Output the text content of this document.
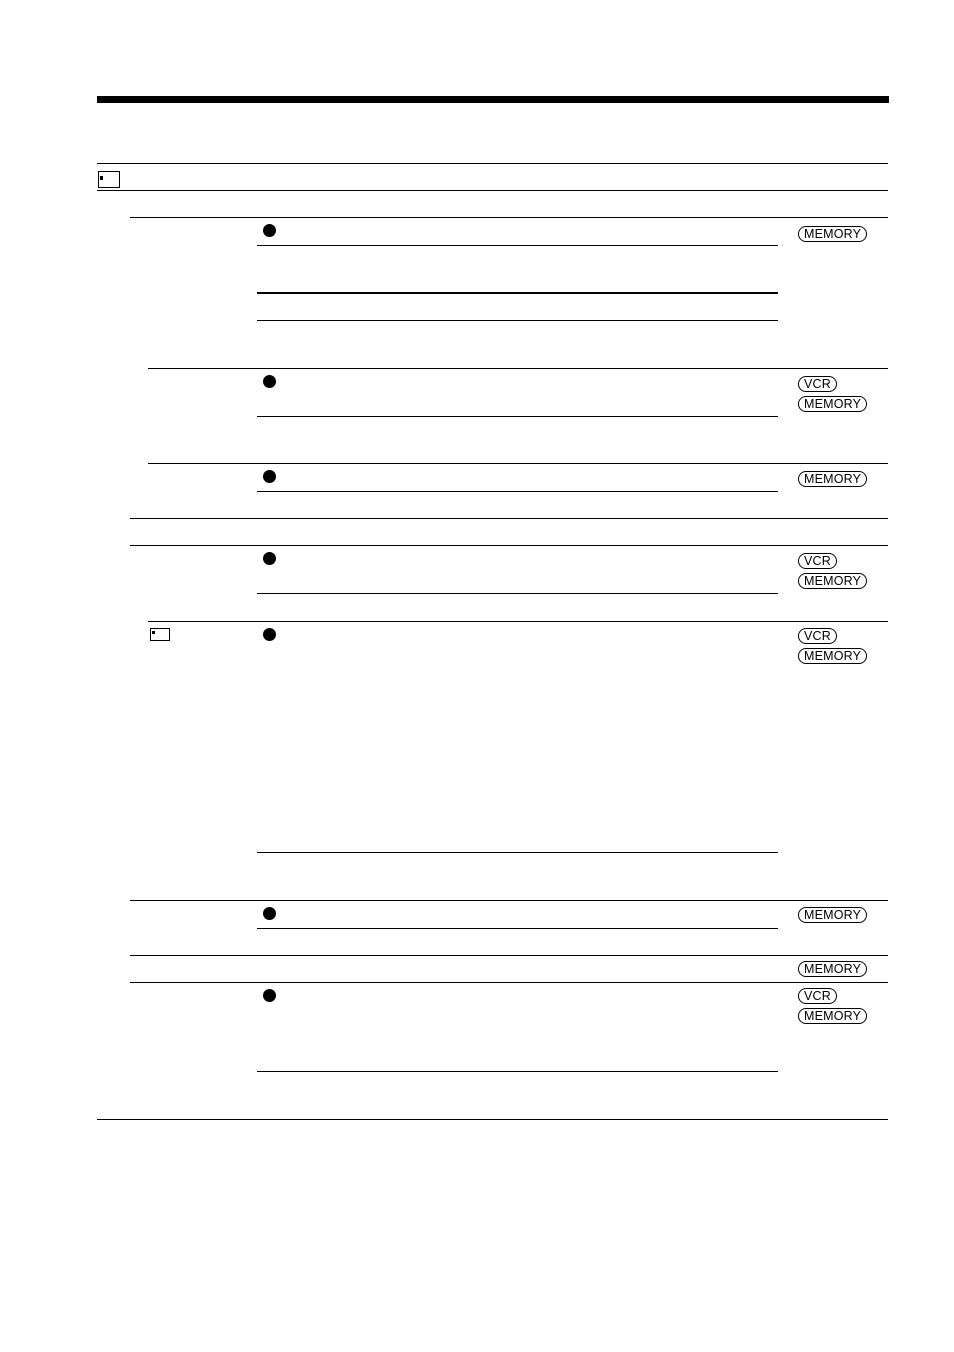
MEMORY
VCR
MEMORY
MEMORY
VCR
MEMORY
VCR
MEMORY
MEMORY
MEMORY
VCR
MEMORY
